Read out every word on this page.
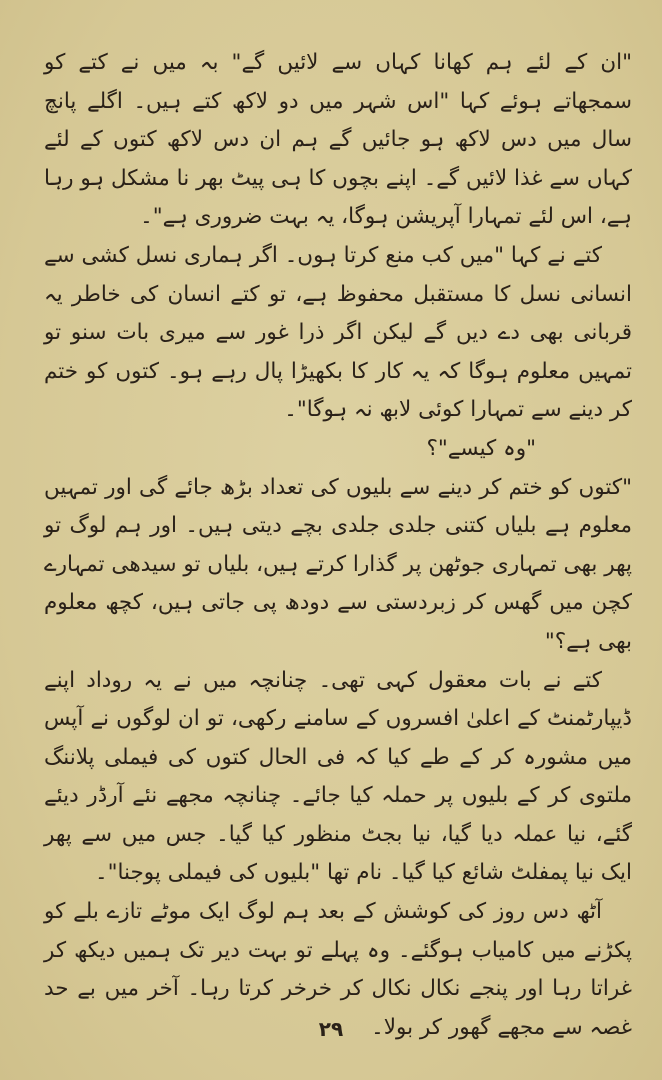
"ان کے لئے ہم کھانا کہاں سے لائیں گے" بہ میں نے کتے کو سمجھاتے ہوئے کہا "اس شہر میں دو لاکھ کتے ہیں۔ اگلے پانچ سال میں دس لاکھ ہو جائیں گے ہم ان دس لاکھ کتوں کے لئے کہاں سے غذا لائیں گے۔ اپنے بچوں کا ہی پیٹ بھر نا مشکل ہو رہا ہے، اس لئے تمہارا آپریشن ہوگا، یہ بہت ضروری ہے"۔

کتے نے کہا "میں کب منع کرتا ہوں۔ اگر ہماری نسل کشی سے انسانی نسل کا مستقبل محفوظ ہے، تو کتے انسان کی خاطر یہ قربانی بھی دے دیں گے لیکن اگر ذرا غور سے میری بات سنو تو تمہیں معلوم ہوگا کہ یہ کار کا بکھیڑا پال رہے ہو۔ کتوں کو ختم کر دینے سے تمہارا کوئی لابھ نہ ہوگا"۔

"وہ کیسے"؟

"کتوں کو ختم کر دینے سے بلیوں کی تعداد بڑھ جائے گی اور تمہیں معلوم ہے بلیاں کتنی جلدی جلدی بچے دیتی ہیں۔ اور ہم لوگ تو پھر بھی تمہاری جوٹھن پر گذارا کرتے ہیں، بلیاں تو سیدھی تمہارے کچن میں گھس کر زبردستی سے دودھ پی جاتی ہیں، کچھ معلوم بھی ہے؟"

کتے نے بات معقول کہی تھی۔ چنانچہ میں نے یہ روداد اپنے ڈیپارٹمنٹ کے اعلیٰ افسروں کے سامنے رکھی، تو ان لوگوں نے آپس میں مشورہ کر کے طے کیا کہ فی الحال کتوں کی فیملی پلاننگ ملتوی کر کے بلیوں پر حملہ کیا جائے۔ چنانچہ مجھے نئے آرڈر دیئے گئے، نیا عملہ دیا گیا، نیا بجٹ منظور کیا گیا۔ جس میں سے پھر ایک نیا پمفلٹ شائع کیا گیا۔ نام تھا "بلیوں کی فیملی پوجنا"۔

آٹھ دس روز کی کوشش کے بعد ہم لوگ ایک موٹے تازے بلے کو پکڑنے میں کامیاب ہوگئے۔ وہ پہلے تو بہت دیر تک ہمیں دیکھ کر غراتا رہا اور پنجے نکال نکال کر خرخر کرتا رہا۔ آخر میں بے حد غصہ سے مجھے گھور کر بولا۔

۲۹
